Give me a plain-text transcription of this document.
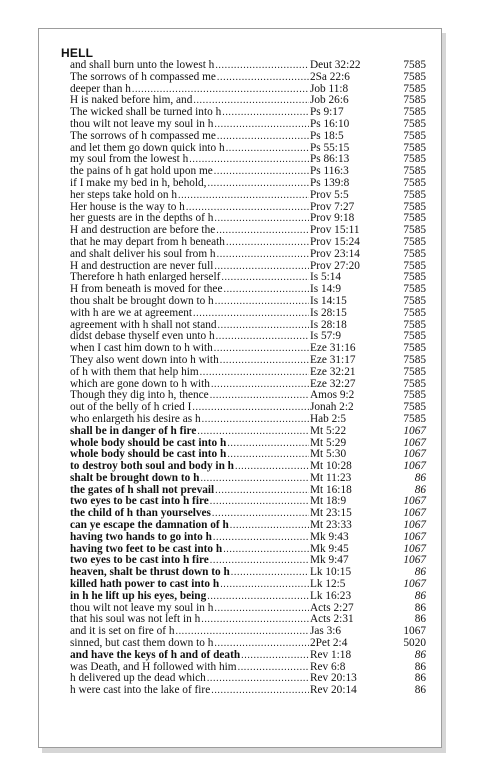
HELL
and shall burn unto the lowest h .....	Deut 32:22	7585
The sorrows of h compassed me .....	2Sa 22:6	7585
deeper than h .....	Job 11:8	7585
H is naked before him, and .....	Job 26:6	7585
The wicked shall be turned into h .....	Ps 9:17	7585
thou wilt not leave my soul in h .....	Ps 16:10	7585
The sorrows of h compassed me .....	Ps 18:5	7585
and let them go down quick into h .....	Ps 55:15	7585
my soul from the lowest h .....	Ps 86:13	7585
the pains of h gat hold upon me .....	Ps 116:3	7585
if I make my bed in h, behold, .....	Ps 139:8	7585
her steps take hold on h .....	Prov 5:5	7585
Her house is the way to h .....	Prov 7:27	7585
her guests are in the depths of h .....	Prov 9:18	7585
H and destruction are before the .....	Prov 15:11	7585
that he may depart from h beneath .....	Prov 15:24	7585
and shalt deliver his soul from h .....	Prov 23:14	7585
H and destruction are never full .....	Prov 27:20	7585
Therefore h hath enlarged herself .....	Is 5:14	7585
H from beneath is moved for thee .....	Is 14:9	7585
thou shalt be brought down to h .....	Is 14:15	7585
with h are we at agreement .....	Is 28:15	7585
agreement with h shall not stand .....	Is 28:18	7585
didst debase thyself even unto h .....	Is 57:9	7585
when I cast him down to h with .....	Eze 31:16	7585
They also went down into h with .....	Eze 31:17	7585
of h with them that help him .....	Eze 32:21	7585
which are gone down to h with .....	Eze 32:27	7585
Though they dig into h, thence .....	Amos 9:2	7585
out of the belly of h cried I .....	Jonah 2:2	7585
who enlargeth his desire as h .....	Hab 2:5	7585
shall be in danger of h fire .....	Mt 5:22	1067
whole body should be cast into h .....	Mt 5:29	1067
whole body should be cast into h .....	Mt 5:30	1067
to destroy both soul and body in h .....	Mt 10:28	1067
shalt be brought down to h .....	Mt 11:23	86
the gates of h shall not prevail .....	Mt 16:18	86
two eyes to be cast into h fire .....	Mt 18:9	1067
the child of h than yourselves .....	Mt 23:15	1067
can ye escape the damnation of h .....	Mt 23:33	1067
having two hands to go into h .....	Mk 9:43	1067
having two feet to be cast into h .....	Mk 9:45	1067
two eyes to be cast into h fire .....	Mk 9:47	1067
heaven, shalt be thrust down to h .....	Lk 10:15	86
killed hath power to cast into h .....	Lk 12:5	1067
in h he lift up his eyes, being .....	Lk 16:23	86
thou wilt not leave my soul in h .....	Acts 2:27	86
that his soul was not left in h .....	Acts 2:31	86
and it is set on fire of h .....	Jas 3:6	1067
sinned, but cast them down to h .....	2Pet 2:4	5020
and have the keys of h and of death .....	Rev 1:18	86
was Death, and H followed with him .....	Rev 6:8	86
h delivered up the dead which .....	Rev 20:13	86
h were cast into the lake of fire .....	Rev 20:14	86
